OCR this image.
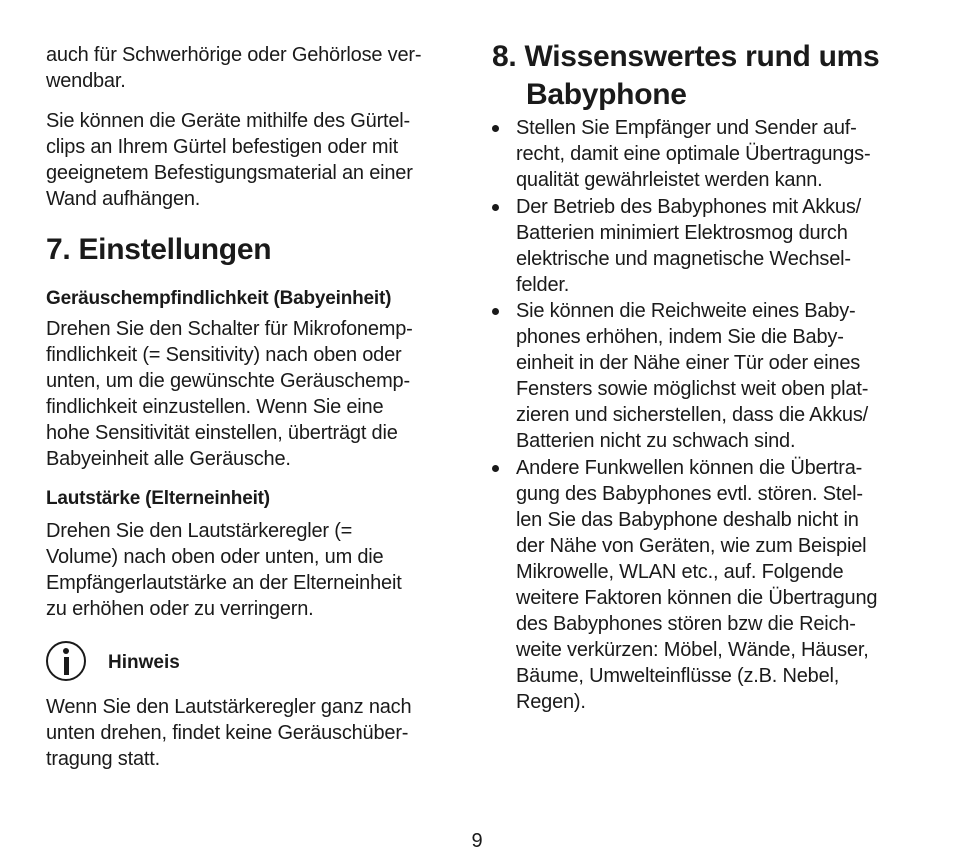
auch für Schwerhörige oder Gehörlose ver-
wendbar.
Sie können die Geräte mithilfe des Gürtel-
clips an Ihrem Gürtel befestigen oder mit
geeignetem Befestigungsmaterial an einer
Wand aufhängen.
7. Einstellungen
Geräuschempfindlichkeit (Babyeinheit)
Drehen Sie den Schalter für Mikrofonemp-
findlichkeit (= Sensitivity) nach oben oder
unten, um die gewünschte Geräuschemp-
findlichkeit einzustellen. Wenn Sie eine
hohe Sensitivität einstellen, überträgt die
Babyeinheit alle Geräusche.
Lautstärke (Elterneinheit)
Drehen Sie den Lautstärkeregler (=
Volume) nach oben oder unten, um die
Empfängerlautstärke an der Elterneinheit
zu erhöhen oder zu verringern.
Hinweis
Wenn Sie den Lautstärkeregler ganz nach
unten drehen, findet keine Geräuschüber-
tragung statt.
8. Wissenswertes rund ums
Babyphone
Stellen Sie Empfänger und Sender auf-
recht, damit eine optimale Übertragungs-
qualität gewährleistet werden kann.
Der Betrieb des Babyphones mit Akkus/
Batterien minimiert Elektrosmog durch
elektrische und magnetische Wechsel-
felder.
Sie können die Reichweite eines Baby-
phones erhöhen, indem Sie die Baby-
einheit in der Nähe einer Tür oder eines
Fensters sowie möglichst weit oben plat-
zieren und sicherstellen, dass die Akkus/
Batterien nicht zu schwach sind.
Andere Funkwellen können die Übertra-
gung des Babyphones evtl. stören. Stel-
len Sie das Babyphone deshalb nicht in
der Nähe von Geräten, wie zum Beispiel
Mikrowelle, WLAN etc., auf. Folgende
weitere Faktoren können die Übertragung
des Babyphones stören bzw die Reich-
weite verkürzen: Möbel, Wände, Häuser,
Bäume, Umwelteinflüsse (z.B. Nebel,
Regen).
9
